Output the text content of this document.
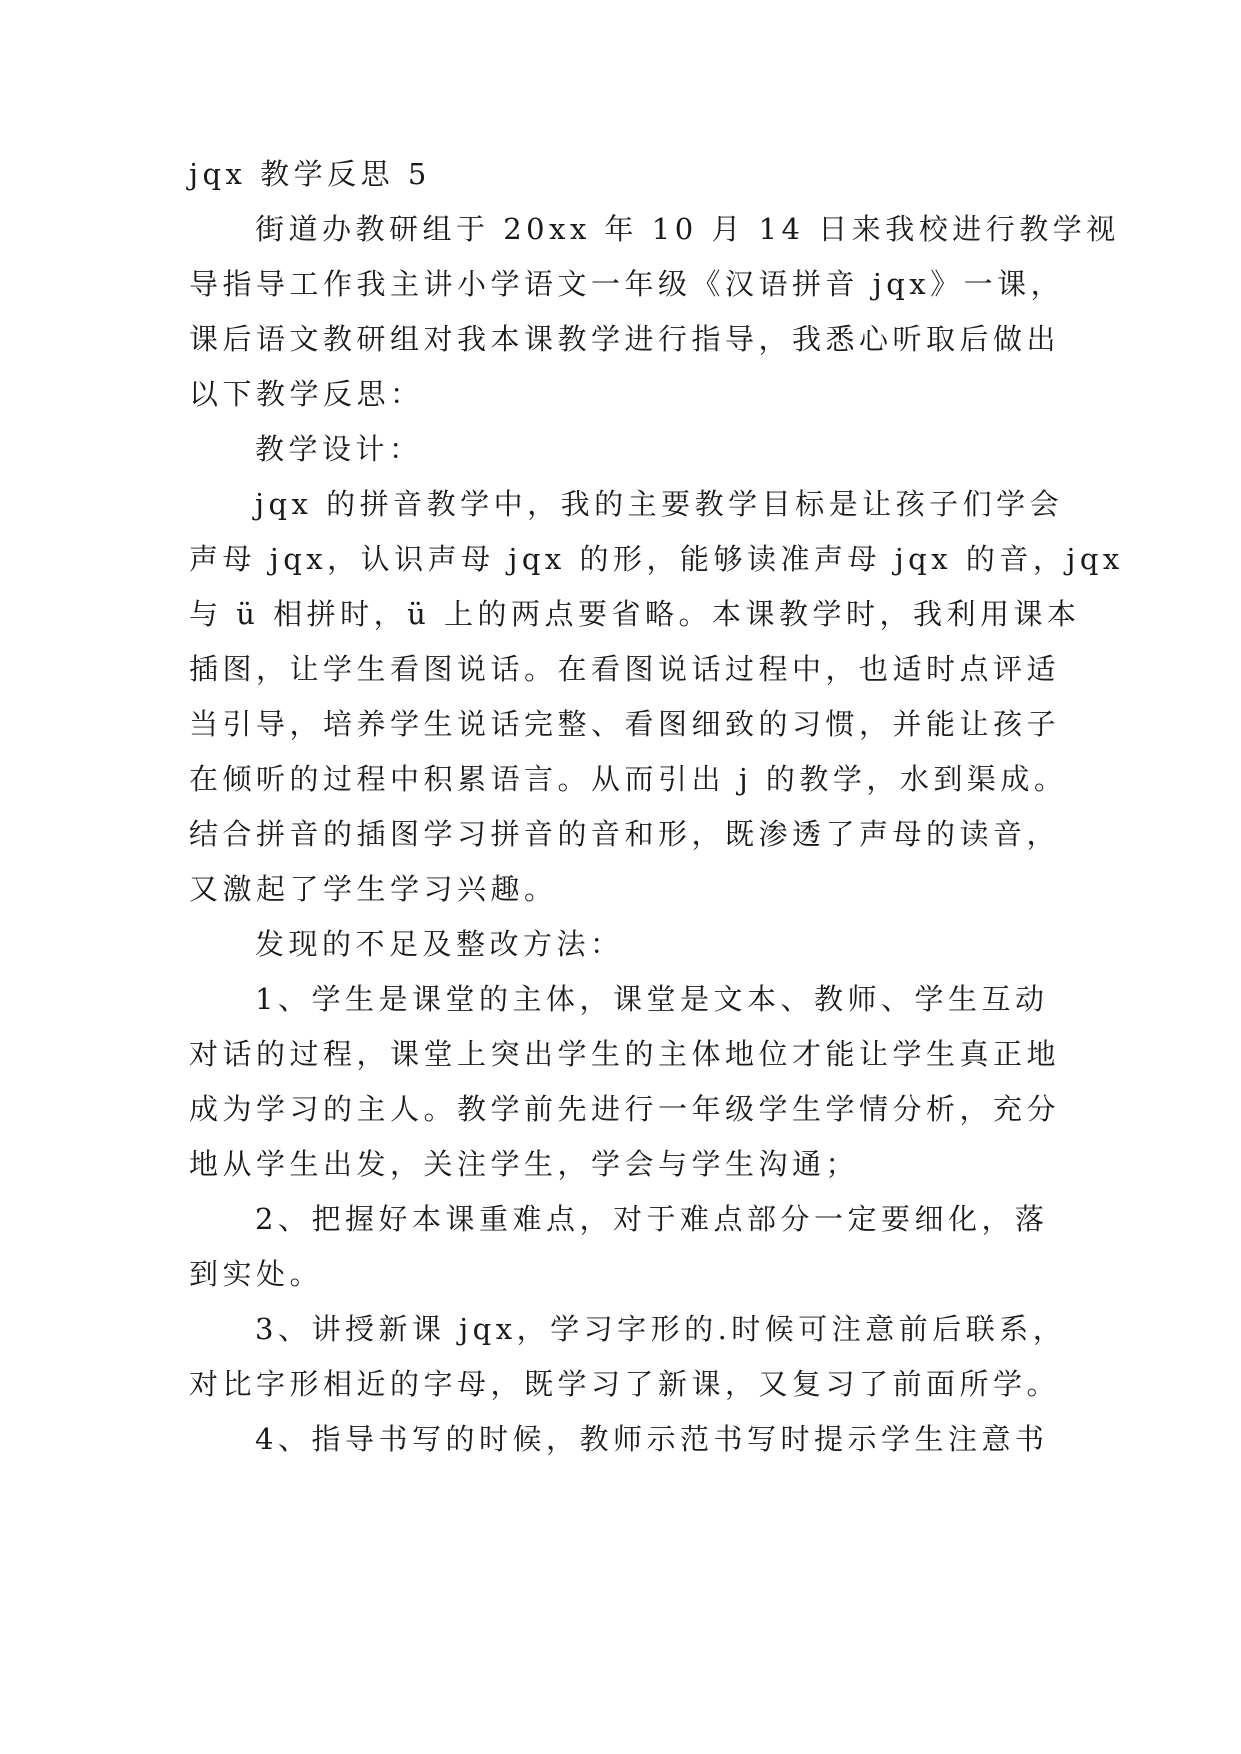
jqx 教学反思 5
街道办教研组于 20xx 年 10 月 14 日来我校进行教学视
导指导工作我主讲小学语文一年级《汉语拼音 jqx》一课，
课后语文教研组对我本课教学进行指导，我悉心听取后做出
以下教学反思：
教学设计：
jqx 的拼音教学中，我的主要教学目标是让孩子们学会
声母 jqx，认识声母 jqx 的形，能够读准声母 jqx 的音，jqx
与 ü 相拼时，ü 上的两点要省略。本课教学时，我利用课本
插图，让学生看图说话。在看图说话过程中，也适时点评适
当引导，培养学生说话完整、看图细致的习惯，并能让孩子
在倾听的过程中积累语言。从而引出 j 的教学，水到渠成。
结合拼音的插图学习拼音的音和形，既渗透了声母的读音，
又激起了学生学习兴趣。
发现的不足及整改方法：
1、学生是课堂的主体，课堂是文本、教师、学生互动
对话的过程，课堂上突出学生的主体地位才能让学生真正地
成为学习的主人。教学前先进行一年级学生学情分析，充分
地从学生出发，关注学生，学会与学生沟通；
2、把握好本课重难点，对于难点部分一定要细化，落
到实处。
3、讲授新课 jqx，学习字形的.时候可注意前后联系，
对比字形相近的字母，既学习了新课，又复习了前面所学。
4、指导书写的时候，教师示范书写时提示学生注意书
